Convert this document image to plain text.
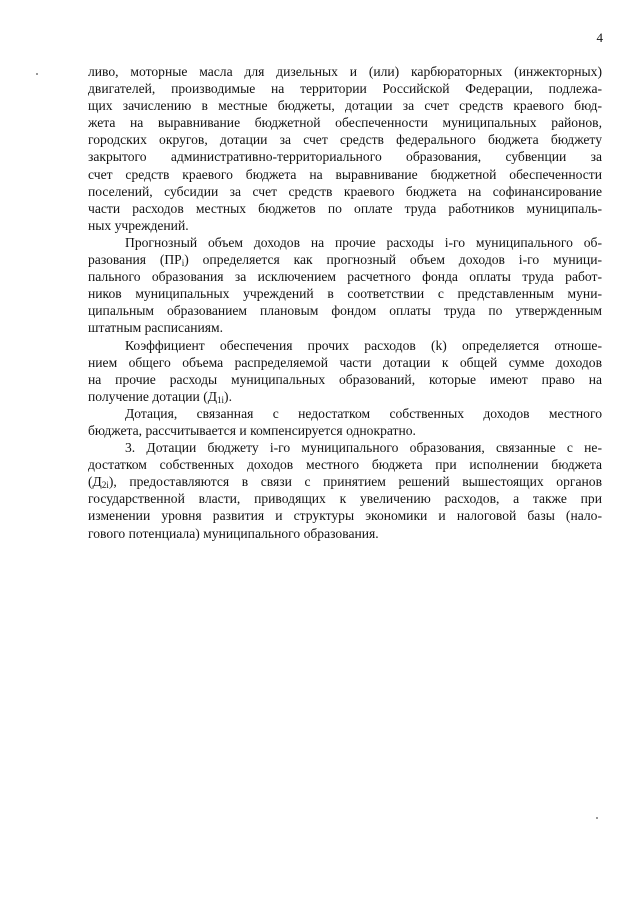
4
ливо, моторные масла для дизельных и (или) карбюраторных (инжекторных)
двигателей, производимые на территории Российской Федерации, подлежа-
щих зачислению в местные бюджеты, дотации за счет средств краевого бюд-
жета на выравнивание бюджетной обеспеченности муниципальных районов,
городских округов, дотации за счет средств федерального бюджета бюджету
закрытого административно-территориального образования, субвенции за
счет средств краевого бюджета на выравнивание бюджетной обеспеченности
поселений, субсидии за счет средств краевого бюджета на софинансирование
части расходов местных бюджетов по оплате труда работников муниципаль-
ных учреждений.
Прогнозный объем доходов на прочие расходы i-го муниципального об-
разования $(ПР_i)$ определяется как прогнозный объем доходов i-го муници-
пального образования за исключением расчетного фонда оплаты труда работ-
ников муниципальных учреждений в соответствии с представленным муни-
ципальным образованием плановым фондом оплаты труда по утвержденным
штатным расписаниям.
Коэффициент обеспечения прочих расходов (k) определяется отноше-
нием общего объема распределяемой части дотации к общей сумме доходов
на прочие расходы муниципальных образований, которые имеют право на
получение дотации $(Д_{1i})$.
Дотация, связанная с недостатком собственных доходов местного
бюджета, рассчитывается и компенсируется однократно.
3. Дотации бюджету i-го муниципального образования, связанные с не-
достатком собственных доходов местного бюджета при исполнении бюджета
$(Д_{2i})$, предоставляются в связи с принятием решений вышестоящих органов
государственной власти, приводящих к увеличению расходов, а также при
изменении уровня развития и структуры экономики и налоговой базы (нало-
гового потенциала) муниципального образования.
